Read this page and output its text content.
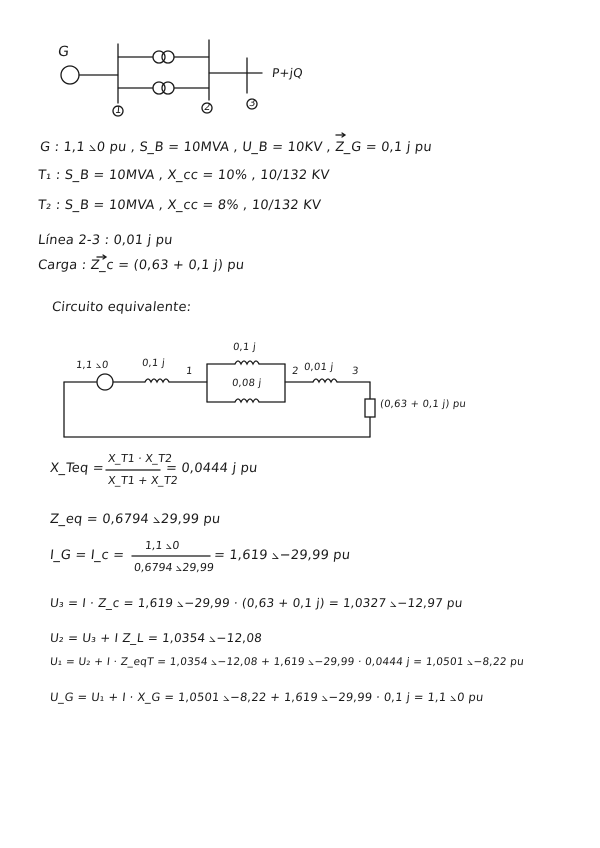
G
P+jQ
1	2	3
G : 1,1 ⦣0 pu , S_B = 10MVA , U_B = 10KV , Z_G = 0,1 j pu
T₁ : S_B = 10MVA , X_cc = 10% , 10/132 KV
T₂ : S_B = 10MVA , X_cc = 8% , 10/132 KV
Línea 2-3 : 0,01 j pu
Carga : Z_c = (0,63 + 0,1 j) pu
Circuito equivalente:
1,1 ⦣0	0,1 j
1
0,1 j
0,08 j
2 0,01 j 3
(0,63 + 0,1 j) pu
X_Teq =
X_T1 · X_T2
X_T1 + X_T2
= 0,0444 j pu
Z_eq = 0,6794 ⦣29,99 pu
I_G = I_c =
1,1 ⦣0
0,6794 ⦣29,99
= 1,619 ⦣−29,99 pu
U₃ = I · Z_c = 1,619 ⦣−29,99 · (0,63 + 0,1 j) = 1,0327 ⦣−12,97 pu
U₂ = U₃ + I Z_L = 1,0354 ⦣−12,08
U₁ = U₂ + I · Z_eqT = 1,0354 ⦣−12,08 + 1,619 ⦣−29,99 · 0,0444 j = 1,0501 ⦣−8,22 pu
U_G = U₁ + I · X_G = 1,0501 ⦣−8,22 + 1,619 ⦣−29,99 · 0,1 j = 1,1 ⦣0 pu
